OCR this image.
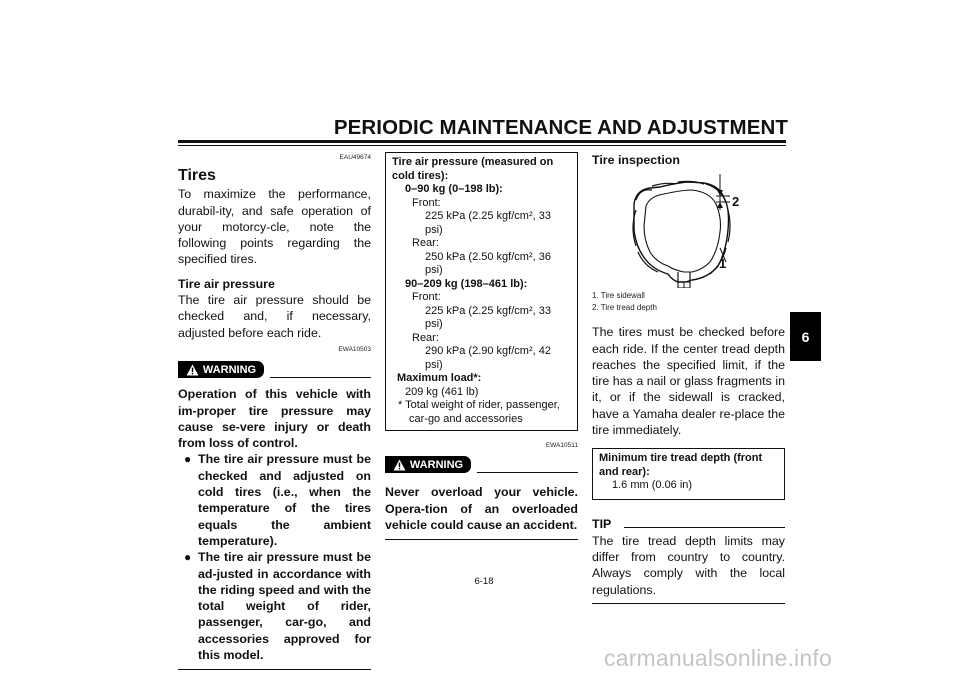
PERIODIC MAINTENANCE AND ADJUSTMENT
6
EAU49674
Tires
To maximize the performance, durabil-ity, and safe operation of your motorcy-cle, note the following points regarding the specified tires.
Tire air pressure
The tire air pressure should be checked and, if necessary, adjusted before each ride.
EWA10503
WARNING
Operation of this vehicle with im-proper tire pressure may cause se-vere injury or death from loss of control.
● The tire air pressure must be checked and adjusted on cold tires (i.e., when the temperature of the tires equals the ambient temperature).
● The tire air pressure must be ad-justed in accordance with the riding speed and with the total weight of rider, passenger, car-go, and accessories approved for this model.
Tire air pressure (measured on cold tires):
0–90 kg (0–198 lb):
Front:
225 kPa (2.25 kgf/cm², 33 psi)
Rear:
250 kPa (2.50 kgf/cm², 36 psi)
90–209 kg (198–461 lb):
Front:
225 kPa (2.25 kgf/cm², 33 psi)
Rear:
290 kPa (2.90 kgf/cm², 42 psi)
Maximum load*:
209 kg (461 lb)
* Total weight of rider, passenger, car-go and accessories
EWA10511
WARNING
Never overload your vehicle. Opera-tion of an overloaded vehicle could cause an accident.
Tire inspection
2
1
1. Tire sidewall
2. Tire tread depth
The tires must be checked before each ride. If the center tread depth reaches the specified limit, if the tire has a nail or glass fragments in it, or if the sidewall is cracked, have a Yamaha dealer re-place the tire immediately.
Minimum tire tread depth (front and rear):
1.6 mm (0.06 in)
TIP
The tire tread depth limits may differ from country to country. Always comply with the local regulations.
6-18
carmanualsonline.info
